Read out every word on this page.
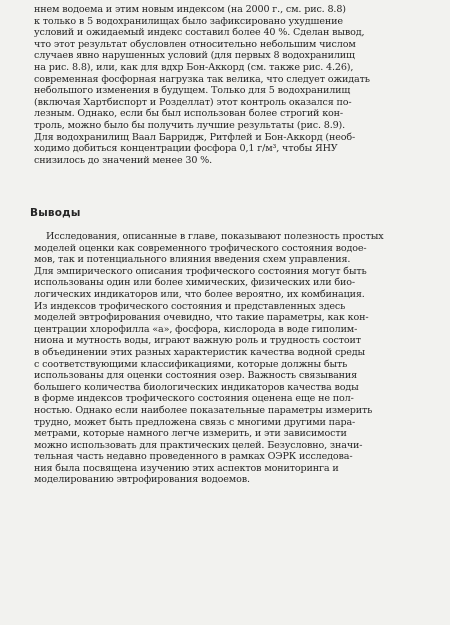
ннем водоема и этим новым индексом (на 2000 г., см. рис. 8.8)
к только в 5 водохранилищах было зафиксировано ухудшение
условий и ожидаемый индекс составил более 40 %. Сделан вывод,
что этот результат обусловлен относительно небольшим числом
случаев явно нарушенных условий (для первых 8 водохранилищ
на рис. 8.8), или, как для вдхр Бон-Аккорд (см. также рис. 4.26),
современная фосфорная нагрузка так велика, что следует ожидать
небольшого изменения в будущем. Только для 5 водохранилищ
(включая Хартбиспорт и Розделлат) этот контроль оказался по-
лезным. Однако, если бы был использован более строгий кон-
троль, можно было бы получить лучшие результаты (рис. 8.9).
Для водохранилищ Ваал Барридж, Ритфлей и Бон-Аккорд (необ-
ходимо добиться концентрации фосфора 0,1 г/м³, чтобы ЯНУ
снизилось до значений менее 30 %.
Выводы
Исследования, описанные в главе, показывают полезность простых
моделей оценки как современного трофического состояния водое-
мов, так и потенциального влияния введения схем управления.
Для эмпирического описания трофического состояния могут быть
использованы один или более химических, физических или био-
логических индикаторов или, что более вероятно, их комбинация.
Из индексов трофического состояния и представленных здесь
моделей эвтрофирования очевидно, что такие параметры, как кон-
центрации хлорофилла «а», фосфора, кислорода в воде гиполим-
ниона и мутность воды, играют важную роль и трудность состоит
в объединении этих разных характеристик качества водной среды
с соответствующими классификациями, которые должны быть
использованы для оценки состояния озер. Важность связывания
большего количества биологических индикаторов качества воды
в форме индексов трофического состояния оценена еще не пол-
ностью. Однако если наиболее показательные параметры измерить
трудно, может быть предложена связь с многими другими пара-
метрами, которые намного легче измерить, и эти зависимости
можно использовать для практических целей. Безусловно, значи-
тельная часть недавно проведенного в рамках ОЭРК исследова-
ния была посвящена изучению этих аспектов мониторинга и
моделированию эвтрофирования водоемов.
